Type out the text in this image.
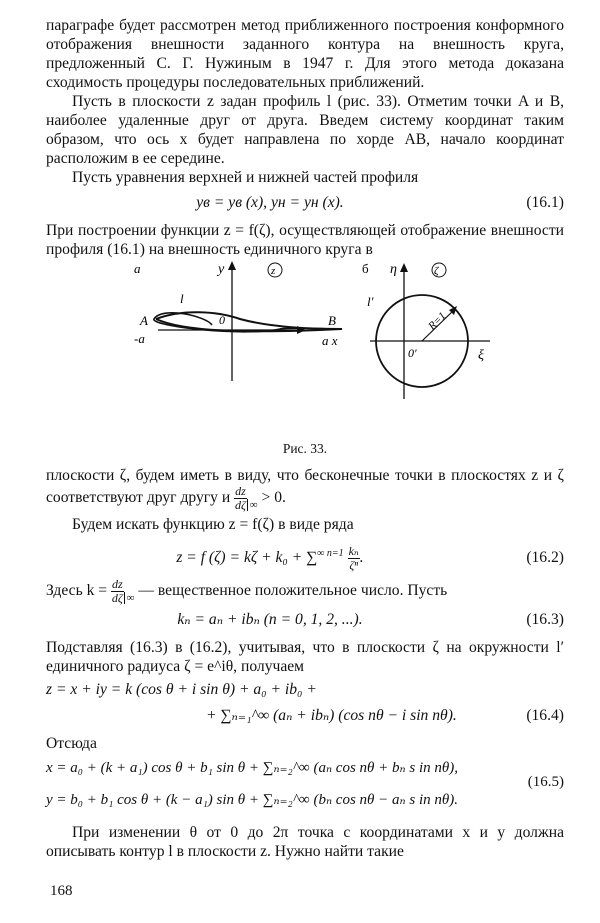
параграфе будет рассмотрен метод приближенного построения конформного отображения внешности заданного контура на внешность круга, предложенный С. Г. Нужиным в 1947 г. Для этого метода доказана сходимость процедуры последовательных приближений.

Пусть в плоскости z задан профиль l (рис. 33). Отметим точки A и B, наиболее удаленные друг от друга. Введем систему координат таким образом, что ось x будет направлена по хорде AB, начало координат расположим в ее середине.

Пусть уравнения верхней и нижней частей профиля

yв = yв (x), yн = yн (x).	(16.1)

При построении функции z = f(ζ), осуществляющей отображение внешности профиля (16.1) на внешность единичного круга в

a	y	z
l
A
-a
0	B
a x
б η	ζ
R=1
l′
0′	ξ
Рис. 33.

плоскости ζ, будем иметь в виду, что бесконечные точки в плоскостях z и ζ соответствуют друг другу и $\frac{dz}{d\zeta} _\infty > 0$.

Будем искать функцию z = f(ζ) в виде ряда

z = f $(\zeta) = k\zeta + k_0 + \sum^{\infty n=1} \frac{\text{kₙ}}{\text{ζⁿ}}$ .	(16.2)

Здесь $k = \frac{dz}{d\zeta} _\infty$ — вещественное положительное число. Пусть

kₙ = aₙ + ibₙ (n = 0, 1, 2, ...).	(16.3)

Подставляя (16.3) в (16.2), учитывая, что в плоскости ζ на окружности l′ единичного радиуса ζ = e^iθ, получаем

z = x + iy = k (cos θ + i sin θ) + a₀ + ib₀ +
+ ∑ₙ₌₁^∞ (aₙ + ibₙ) (cos nθ − i sin nθ).	(16.4)

Отсюда

x = a₀ + (k + a₁) cos θ + b₁ sin θ + ∑ₙ₌₂^∞ (aₙ cos nθ + bₙ s in nθ),
(16.5)
y = b₀ + b₁ cos θ + (k − a₁) sin θ + ∑ₙ₌₂^∞ (bₙ cos nθ − aₙ s in nθ).

При изменении θ от 0 до 2π точка с координатами x и y должна описывать контур l в плоскости z. Нужно найти такие

168
